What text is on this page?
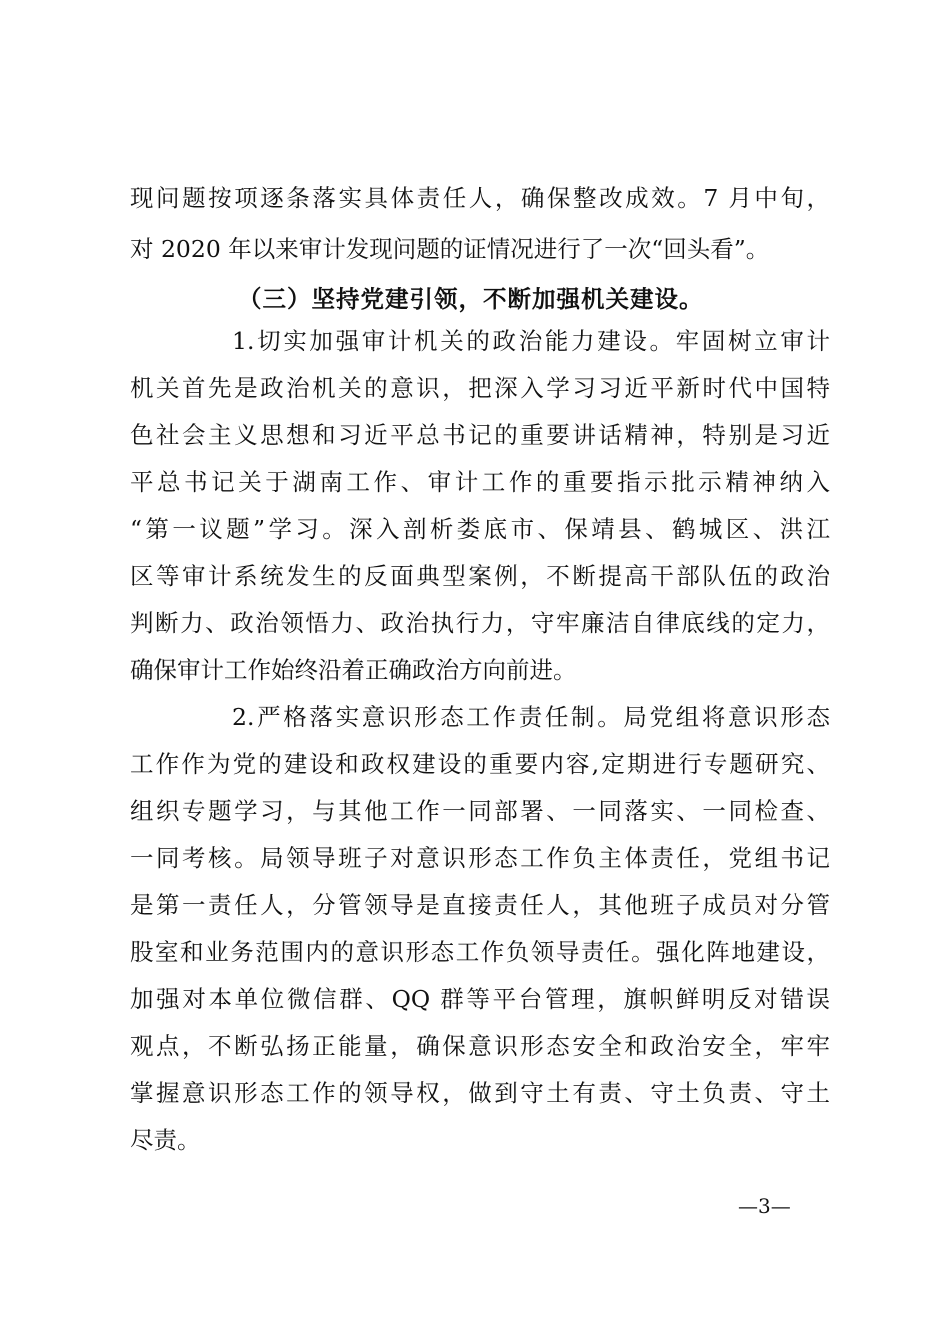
现问题按项逐条落实具体责任人，确保整改成效。7 月中旬，
对 2020 年以来审计发现问题的证情况进行了一次“回头看”。
（三）坚持党建引领，不断加强机关建设。
1.切实加强审计机关的政治能力建设。牢固树立审计
机关首先是政治机关的意识，把深入学习习近平新时代中国特
色社会主义思想和习近平总书记的重要讲话精神，特别是习近
平总书记关于湖南工作、审计工作的重要指示批示精神纳入
“第一议题”学习。深入剖析娄底市、保靖县、鹤城区、洪江
区等审计系统发生的反面典型案例，不断提高干部队伍的政治
判断力、政治领悟力、政治执行力，守牢廉洁自律底线的定力，
确保审计工作始终沿着正确政治方向前进。
2.严格落实意识形态工作责任制。局党组将意识形态
工作作为党的建设和政权建设的重要内容,定期进行专题研究、
组织专题学习，与其他工作一同部署、一同落实、一同检查、
一同考核。局领导班子对意识形态工作负主体责任，党组书记
是第一责任人，分管领导是直接责任人，其他班子成员对分管
股室和业务范围内的意识形态工作负领导责任。强化阵地建设，
加强对本单位微信群、QQ 群等平台管理，旗帜鲜明反对错误
观点，不断弘扬正能量，确保意识形态安全和政治安全，牢牢
掌握意识形态工作的领导权，做到守土有责、守土负责、守土
尽责。
—3—
